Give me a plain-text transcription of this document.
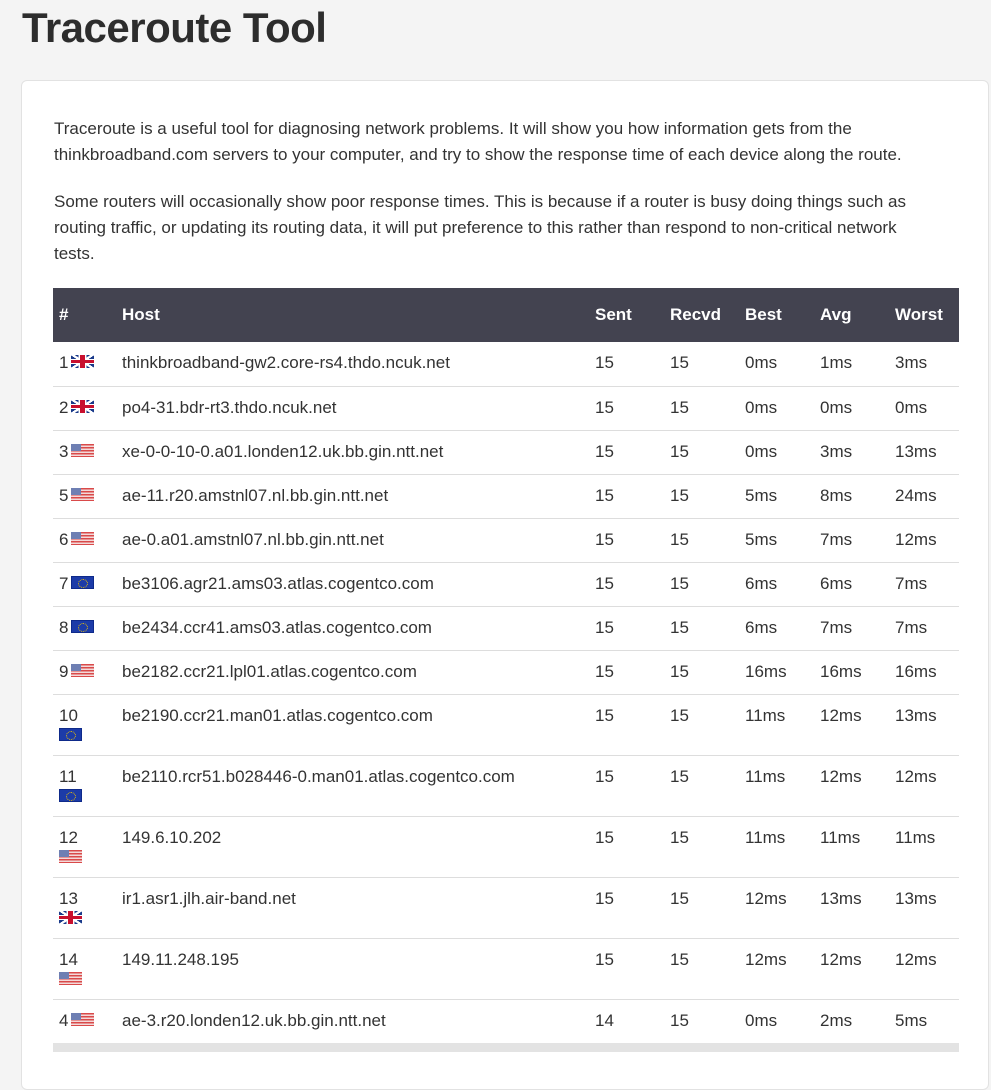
Traceroute Tool

Traceroute is a useful tool for diagnosing network problems. It will show you how information gets from the thinkbroadband.com servers to your computer, and try to show the response time of each device along the route.

Some routers will occasionally show poor response times. This is because if a router is busy doing things such as routing traffic, or updating its routing data, it will put preference to this rather than respond to non-critical network tests.

#	Host	Sent	Recvd	Best	Avg	Worst
1	thinkbroadband-gw2.core-rs4.thdo.ncuk.net	15	15	0ms	1ms	3ms
2	po4-31.bdr-rt3.thdo.ncuk.net	15	15	0ms	0ms	0ms
3	xe-0-0-10-0.a01.londen12.uk.bb.gin.ntt.net	15	15	0ms	3ms	13ms
5	ae-11.r20.amstnl07.nl.bb.gin.ntt.net	15	15	5ms	8ms	24ms
6	ae-0.a01.amstnl07.nl.bb.gin.ntt.net	15	15	5ms	7ms	12ms
7	be3106.agr21.ams03.atlas.cogentco.com	15	15	6ms	6ms	7ms
8	be2434.ccr41.ams03.atlas.cogentco.com	15	15	6ms	7ms	7ms
9	be2182.ccr21.lpl01.atlas.cogentco.com	15	15	16ms	16ms	16ms
10	be2190.ccr21.man01.atlas.cogentco.com	15	15	11ms	12ms	13ms
11	be2110.rcr51.b028446-0.man01.atlas.cogentco.com	15	15	11ms	12ms	12ms
12	149.6.10.202	15	15	11ms	11ms	11ms
13	ir1.asr1.jlh.air-band.net	15	15	12ms	13ms	13ms
14	149.11.248.195	15	15	12ms	12ms	12ms
4	ae-3.r20.londen12.uk.bb.gin.ntt.net	14	15	0ms	2ms	5ms
